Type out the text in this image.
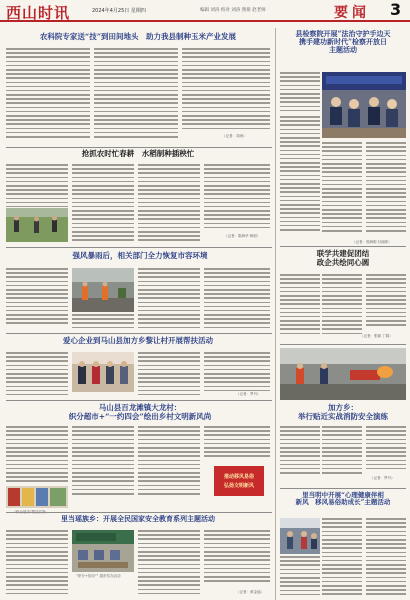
西山时讯	2024年4月25日 星期四	编辑 刘涛 校对 刘涛 照排 赵老师	要闻 3
农科院专家送“技”到田间地头　助力我县制种玉米产业发展
（记者：刘涛）
县检察院开展“法治守护手边天
携手建功新时代”检察开放日
主题活动
（记者：郭海明 付丽萍）
抢抓农时忙春耕　水稻制种插秧忙
（记者：陈海华 杨明）
强风暴雨后，相关部门全力恢复市容环境	联学共建促团结
政企共绘同心圆
（记者：张颖 丁娟）
爱心企业到马山县加方乡黎让村开展帮扶活动
（记者：罗丹）
马山县百龙滩镇大龙村：
织分超市+“一约四会”绘出乡村文明新风尚
推动移风易俗
弘扬文明新风
加方乡：
举行贴近实战消防安全演练
（记者：罗丹）
里当瑶族乡：开展全民国家安全教育系列主题活动
“织分+信用”” 超市奖办活动
（记者：黄金福）
里当明中开展“心理健康伴相
新风　移风易俗助成长”主题活动
